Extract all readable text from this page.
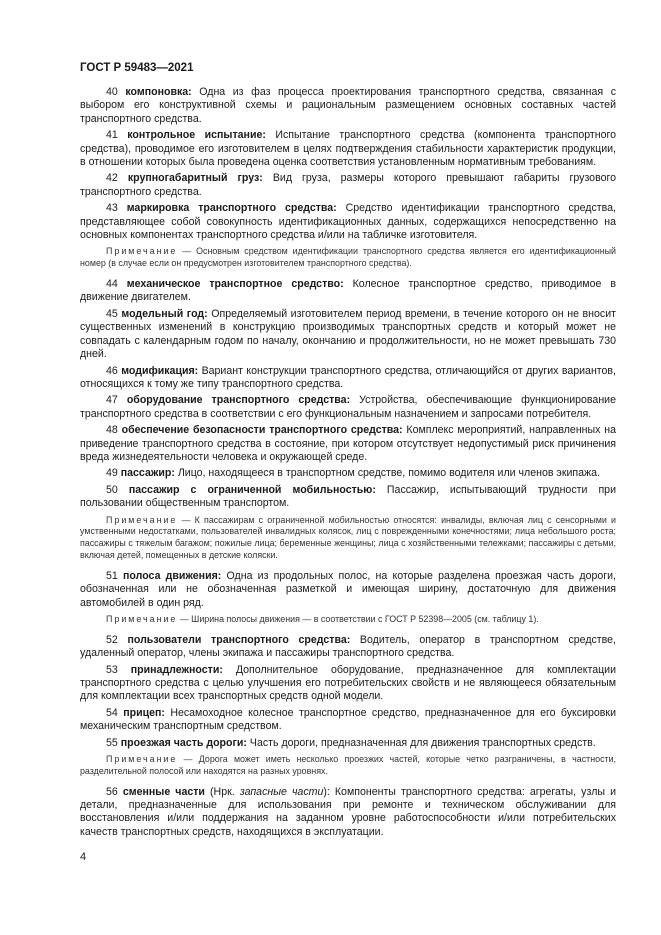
ГОСТ Р 59483—2021

40 компоновка: Одна из фаз процесса проектирования транспортного средства, связанная с выбором его конструктивной схемы и рациональным размещением основных составных частей транспортного средства.

41 контрольное испытание: Испытание транспортного средства (компонента транспортного средства), проводимое его изготовителем в целях подтверждения стабильности характеристик продукции, в отношении которых была проведена оценка соответствия установленным нормативным требованиям.

42 крупногабаритный груз: Вид груза, размеры которого превышают габариты грузового транспортного средства.

43 маркировка транспортного средства: Средство идентификации транспортного средства, представляющее собой совокупность идентификационных данных, содержащихся непосредственно на основных компонентах транспортного средства и/или на табличке изготовителя.

Примечание — Основным средством идентификации транспортного средства является его идентификационный номер (в случае если он предусмотрен изготовителем транспортного средства).

44 механическое транспортное средство: Колесное транспортное средство, приводимое в движение двигателем.

45 модельный год: Определяемый изготовителем период времени, в течение которого он не вносит существенных изменений в конструкцию производимых транспортных средств и который может не совпадать с календарным годом по началу, окончанию и продолжительности, но не может превышать 730 дней.

46 модификация: Вариант конструкции транспортного средства, отличающийся от других вариантов, относящихся к тому же типу транспортного средства.

47 оборудование транспортного средства: Устройства, обеспечивающие функционирование транспортного средства в соответствии с его функциональным назначением и запросами потребителя.

48 обеспечение безопасности транспортного средства: Комплекс мероприятий, направленных на приведение транспортного средства в состояние, при котором отсутствует недопустимый риск причинения вреда жизнедеятельности человека и окружающей среде.

49 пассажир: Лицо, находящееся в транспортном средстве, помимо водителя или членов экипажа.

50 пассажир с ограниченной мобильностью: Пассажир, испытывающий трудности при пользовании общественным транспортом.

Примечание — К пассажирам с ограниченной мобильностью относятся: инвалиды, включая лиц с сенсорными и умственными недостатками, пользователей инвалидных колясок, лиц с поврежденными конечностями; лица небольшого роста; пассажиры с тяжелым багажом; пожилые лица; беременные женщины; лица с хозяйственными тележками; пассажиры с детьми, включая детей, помещенных в детские коляски.

51 полоса движения: Одна из продольных полос, на которые разделена проезжая часть дороги, обозначенная или не обозначенная разметкой и имеющая ширину, достаточную для движения автомобилей в один ряд.

Примечание — Ширина полосы движения — в соответствии с ГОСТ Р 52398—2005 (см. таблицу 1).

52 пользователи транспортного средства: Водитель, оператор в транспортном средстве, удаленный оператор, члены экипажа и пассажиры транспортного средства.

53 принадлежности: Дополнительное оборудование, предназначенное для комплектации транспортного средства с целью улучшения его потребительских свойств и не являющееся обязательным для комплектации всех транспортных средств одной модели.

54 прицеп: Несамоходное колесное транспортное средство, предназначенное для его буксировки механическим транспортным средством.

55 проезжая часть дороги: Часть дороги, предназначенная для движения транспортных средств.

Примечание — Дорога может иметь несколько проезжих частей, которые четко разграничены, в частности, разделительной полосой или находятся на разных уровнях.

56 сменные части (Нрк. запасные части): Компоненты транспортного средства: агрегаты, узлы и детали, предназначенные для использования при ремонте и техническом обслуживании для восстановления и/или поддержания на заданном уровне работоспособности и/или потребительских качеств транспортных средств, находящихся в эксплуатации.

4
